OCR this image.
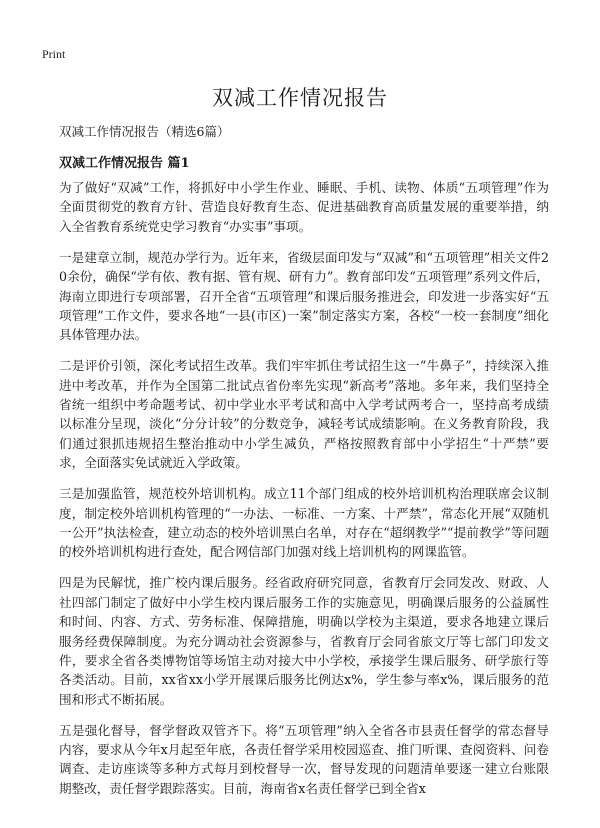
Print
双减工作情况报告

双减工作情况报告（精选6篇）

双减工作情况报告 篇1

为了做好“双减”工作，将抓好中小学生作业、睡眠、手机、读物、体质“五项管理”作为全面贯彻党的教育方针、营造良好教育生态、促进基础教育高质量发展的重要举措，纳入全省教育系统党史学习教育“办实事”事项。

一是建章立制，规范办学行为。近年来，省级层面印发与“双减”和“五项管理”相关文件20余份，确保“学有依、教有据、管有规、研有力”。教育部印发“五项管理”系列文件后，海南立即进行专项部署，召开全省“五项管理”和课后服务推进会，印发进一步落实好“五项管理”工作文件，要求各地“一县(市区)一案”制定落实方案，各校“一校一套制度”细化具体管理办法。

二是评价引领，深化考试招生改革。我们牢牢抓住考试招生这一“牛鼻子”，持续深入推进中考改革，并作为全国第二批试点省份率先实现“新高考”落地。多年来，我们坚持全省统一组织中考命题考试、初中学业水平考试和高中入学考试两考合一，坚持高考成绩以标准分呈现，淡化“分分计较”的分数竞争，减轻考试成绩影响。在义务教育阶段，我们通过狠抓违规招生整治推动中小学生减负，严格按照教育部中小学招生“十严禁”要求，全面落实免试就近入学政策。

三是加强监管，规范校外培训机构。成立11个部门组成的校外培训机构治理联席会议制度，制定校外培训机构管理的“一办法、一标准、一方案、十严禁”，常态化开展“双随机一公开”执法检查，建立动态的校外培训黑白名单，对存在“超纲教学”“提前教学”等问题的校外培训机构进行查处，配合网信部门加强对线上培训机构的网课监管。

四是为民解忧，推广校内课后服务。经省政府研究同意，省教育厅会同发改、财政、人社四部门制定了做好中小学生校内课后服务工作的实施意见，明确课后服务的公益属性和时间、内容、方式、劳务标准、保障措施，明确以学校为主渠道，要求各地建立课后服务经费保障制度。为充分调动社会资源参与，省教育厅会同省旅文厅等七部门印发文件，要求全省各类博物馆等场馆主动对接大中小学校，承接学生课后服务、研学旅行等各类活动。目前，xx省xx小学开展课后服务比例达x%，学生参与率x%，课后服务的范围和形式不断拓展。

五是强化督导，督学督政双管齐下。将“五项管理”纳入全省各市县责任督学的常态督导内容，要求从今年x月起至年底，各责任督学采用校园巡查、推门听课、查阅资料、问卷调查、走访座谈等多种方式每月到校督导一次，督导发现的问题清单要逐一建立台账限期整改，责任督学跟踪落实。目前，海南省x名责任督学已到全省x
